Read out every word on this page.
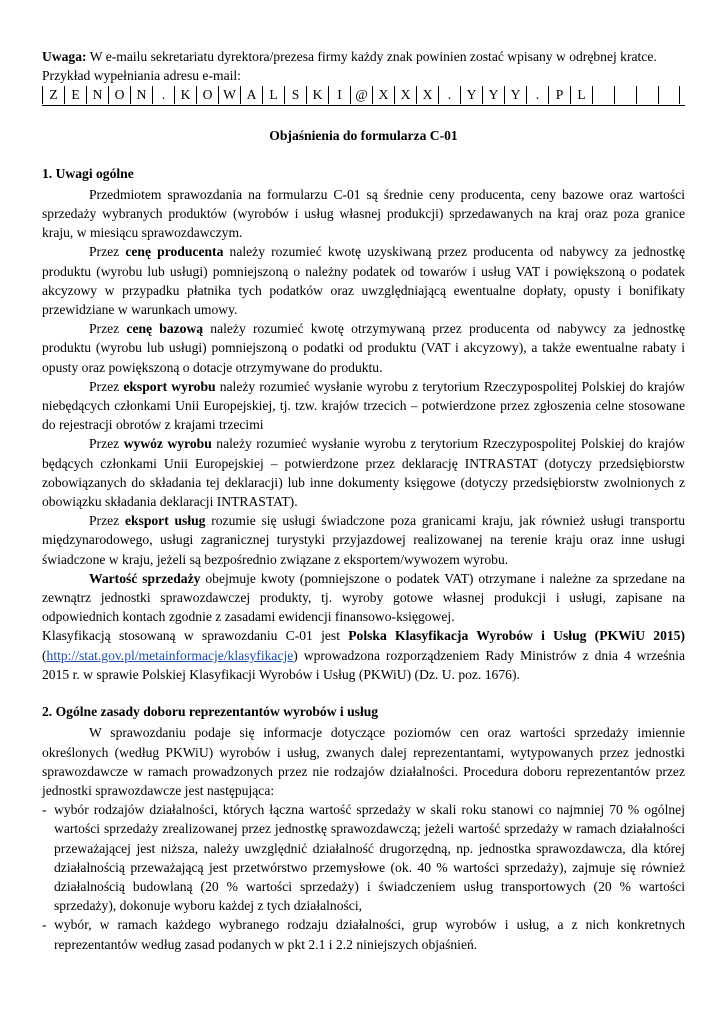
Uwaga: W e-mailu sekretariatu dyrektora/prezesa firmy każdy znak powinien zostać wpisany w odrębnej kratce.

Przykład wypełniania adresu e-mail:

Z	E N O N	.	K O W A L	S K	I @ X X X	.	Y Y Y	.	P	L
Objaśnienia do formularza C-01
1. Uwagi ogólne

Przedmiotem sprawozdania na formularzu C-01 są średnie ceny producenta, ceny bazowe oraz wartości sprzedaży wybranych produktów (wyrobów i usług własnej produkcji) sprzedawanych na kraj oraz poza granice kraju, w miesiącu sprawozdawczym.

Przez cenę producenta należy rozumieć kwotę uzyskiwaną przez producenta od nabywcy za jednostkę produktu (wyrobu lub usługi) pomniejszoną o należny podatek od towarów i usług VAT i powiększoną o podatek akcyzowy w przypadku płatnika tych podatków oraz uwzględniającą ewentualne dopłaty, opusty i bonifikaty przewidziane w warunkach umowy.

Przez cenę bazową należy rozumieć kwotę otrzymywaną przez producenta od nabywcy za jednostkę produktu (wyrobu lub usługi) pomniejszoną o podatki od produktu (VAT i akcyzowy), a także ewentualne rabaty i opusty oraz powiększoną o dotacje otrzymywane do produktu.

Przez eksport wyrobu należy rozumieć wysłanie wyrobu z terytorium Rzeczypospolitej Polskiej do krajów niebędących członkami Unii Europejskiej, tj. tzw. krajów trzecich – potwierdzone przez zgłoszenia celne stosowane do rejestracji obrotów z krajami trzecimi

Przez wywóz wyrobu należy rozumieć wysłanie wyrobu z terytorium Rzeczypospolitej Polskiej do krajów będących członkami Unii Europejskiej – potwierdzone przez deklarację INTRASTAT (dotyczy przedsiębiorstw zobowiązanych do składania tej deklaracji) lub inne dokumenty księgowe (dotyczy przedsiębiorstw zwolnionych z obowiązku składania deklaracji INTRASTAT).

Przez eksport usług rozumie się usługi świadczone poza granicami kraju, jak również usługi transportu międzynarodowego, usługi zagranicznej turystyki przyjazdowej realizowanej na terenie kraju oraz inne usługi świadczone w kraju, jeżeli są bezpośrednio związane z eksportem/wywozem wyrobu.

Wartość sprzedaży obejmuje kwoty (pomniejszone o podatek VAT) otrzymane i należne za sprzedane na zewnątrz jednostki sprawozdawczej produkty, tj. wyroby gotowe własnej produkcji i usługi, zapisane na odpowiednich kontach zgodnie z zasadami ewidencji finansowo-księgowej.

Klasyfikacją stosowaną w sprawozdaniu C-01 jest Polska Klasyfikacja Wyrobów i Usług (PKWiU 2015) (http://stat.gov.pl/metainformacje/klasyfikacje) wprowadzona rozporządzeniem Rady Ministrów z dnia 4 września 2015 r. w sprawie Polskiej Klasyfikacji Wyrobów i Usług (PKWiU) (Dz. U. poz. 1676).

2. Ogólne zasady doboru reprezentantów wyrobów i usług

W sprawozdaniu podaje się informacje dotyczące poziomów cen oraz wartości sprzedaży imiennie określonych (według PKWiU) wyrobów i usług, zwanych dalej reprezentantami, wytypowanych przez jednostki sprawozdawcze w ramach prowadzonych przez nie rodzajów działalności. Procedura doboru reprezentantów przez jednostki sprawozdawcze jest następująca:

- wybór rodzajów działalności, których łączna wartość sprzedaży w skali roku stanowi co najmniej 70 % ogólnej wartości sprzedaży zrealizowanej przez jednostkę sprawozdawczą; jeżeli wartość sprzedaży w ramach działalności przeważającej jest niższa, należy uwzględnić działalność drugorzędną, np. jednostka sprawozdawcza, dla której działalnością przeważającą jest przetwórstwo przemysłowe (ok. 40 % wartości sprzedaży), zajmuje się również działalnością budowlaną (20 % wartości sprzedaży) i świadczeniem usług transportowych (20 % wartości sprzedaży), dokonuje wyboru każdej z tych działalności,
- wybór, w ramach każdego wybranego rodzaju działalności, grup wyrobów i usług, a z nich konkretnych reprezentantów według zasad podanych w pkt 2.1 i 2.2 niniejszych objaśnień.
